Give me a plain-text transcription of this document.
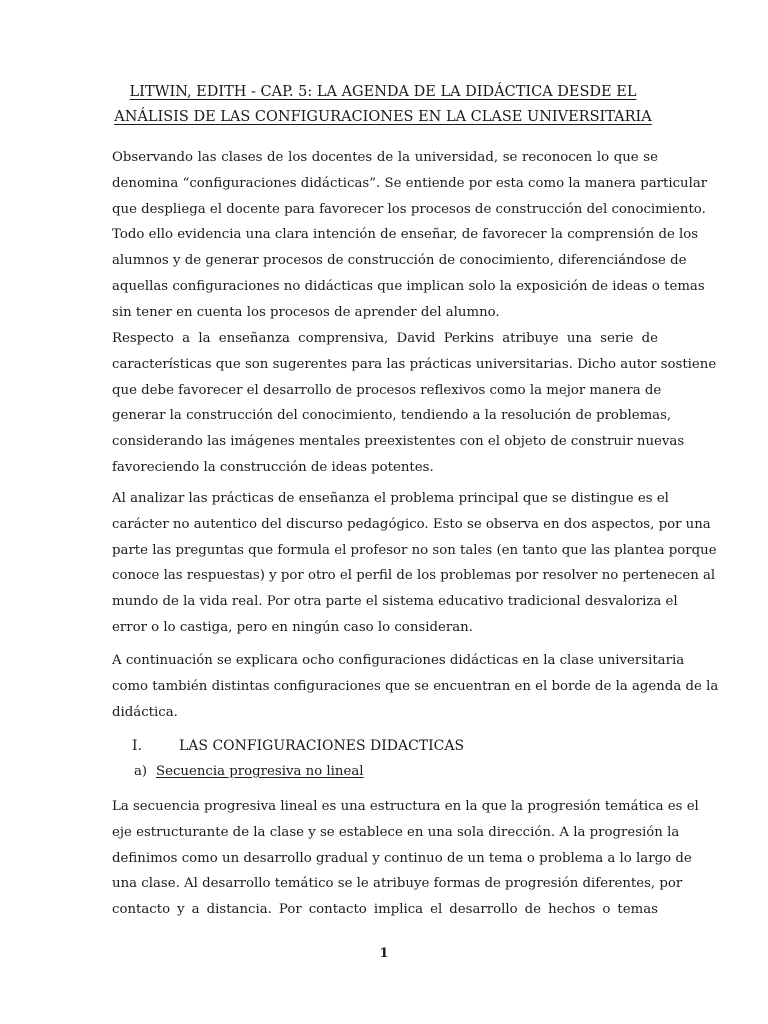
LITWIN, EDITH - CAP. 5: LA AGENDA DE LA DIDÁCTICA DESDE EL
ANÁLISIS DE LAS CONFIGURACIONES EN LA CLASE UNIVERSITARIA
Observando las clases de los docentes de la universidad, se reconocen lo que se
denomina “configuraciones didácticas”. Se entiende por esta como la manera particular
que despliega el docente para favorecer los procesos de construcción del conocimiento.
Todo ello evidencia una clara intención de enseñar, de favorecer la comprensión de los
alumnos y de generar procesos de construcción de conocimiento, diferenciándose de
aquellas configuraciones no didácticas que implican solo la exposición de ideas o temas
sin tener en cuenta los procesos de aprender del alumno.
Respecto a la enseñanza comprensiva, David Perkins atribuye una serie de
características que son sugerentes para las prácticas universitarias. Dicho autor sostiene
que debe favorecer el desarrollo de procesos reflexivos como la mejor manera de
generar la construcción del conocimiento, tendiendo a la resolución de problemas,
considerando las imágenes mentales preexistentes con el objeto de construir nuevas
favoreciendo la construcción de ideas potentes.
Al analizar las prácticas de enseñanza el problema principal que se distingue es el
carácter no autentico del discurso pedagógico. Esto se observa en dos aspectos, por una
parte las preguntas que formula el profesor no son tales (en tanto que las plantea porque
conoce las respuestas) y por otro el perfil de los problemas por resolver no pertenecen al
mundo de la vida real. Por otra parte el sistema educativo tradicional desvaloriza el
error o lo castiga, pero en ningún caso lo consideran.
A continuación se explicara ocho configuraciones didácticas en la clase universitaria
como también distintas configuraciones que se encuentran en el borde de la agenda de la
didáctica.
I.	LAS CONFIGURACIONES DIDACTICAS
a) Secuencia progresiva no lineal
La secuencia progresiva lineal es una estructura en la que la progresión temática es el
eje estructurante de la clase y se establece en una sola dirección. A la progresión la
definimos como un desarrollo gradual y continuo de un tema o problema a lo largo de
una clase. Al desarrollo temático se le atribuye formas de progresión diferentes, por
contacto y a distancia. Por contacto implica el desarrollo de hechos o temas
1
